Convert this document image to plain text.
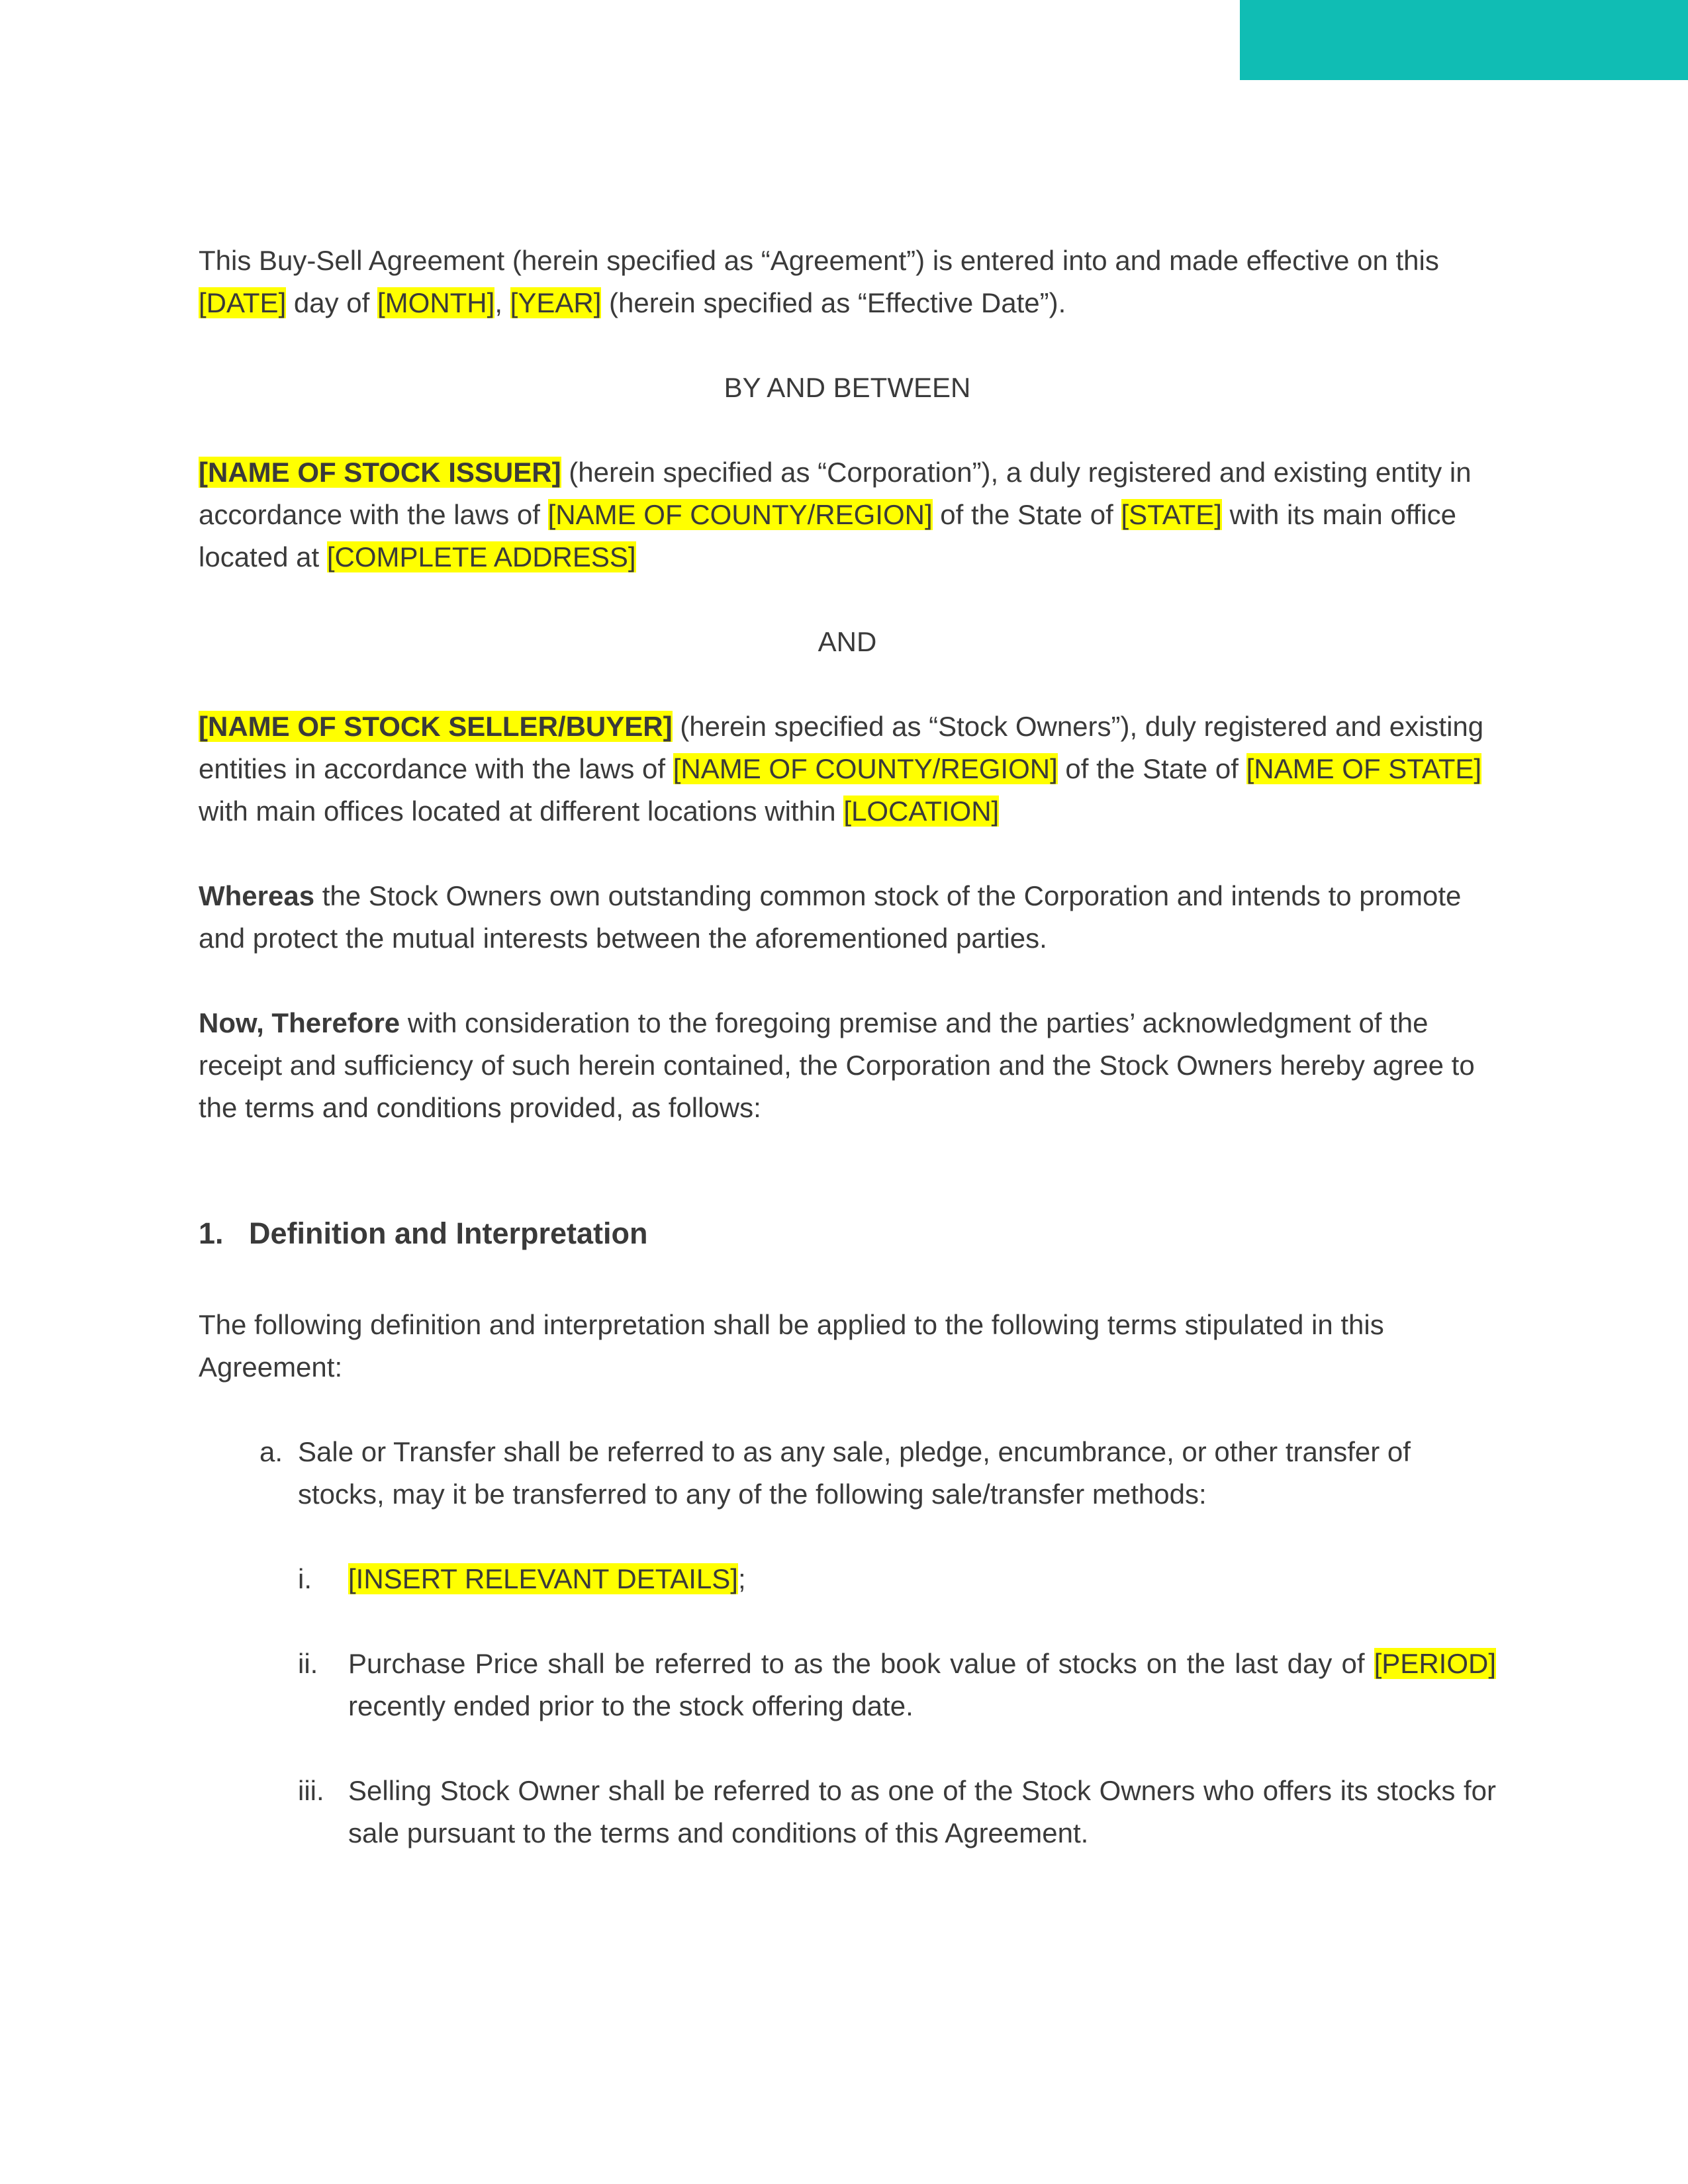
This Buy-Sell Agreement (herein specified as “Agreement”) is entered into and made effective on this
[DATE] day of [MONTH], [YEAR] (herein specified as “Effective Date”).

BY AND BETWEEN

[NAME OF STOCK ISSUER] (herein specified as “Corporation”), a duly registered and existing entity in accordance with the laws of [NAME OF COUNTY/REGION] of the State of [STATE] with its main office located at [COMPLETE ADDRESS]

AND

[NAME OF STOCK SELLER/BUYER] (herein specified as “Stock Owners”), duly registered and existing entities in accordance with the laws of [NAME OF COUNTY/REGION] of the State of [NAME OF STATE] with main offices located at different locations within [LOCATION]

Whereas the Stock Owners own outstanding common stock of the Corporation and intends to promote and protect the mutual interests between the aforementioned parties.

Now, Therefore with consideration to the foregoing premise and the parties’ acknowledgment of the receipt and sufficiency of such herein contained, the Corporation and the Stock Owners hereby agree to the terms and conditions provided, as follows:

1. Definition and Interpretation

The following definition and interpretation shall be applied to the following terms stipulated in this Agreement:

a. Sale or Transfer shall be referred to as any sale, pledge, encumbrance, or other transfer of stocks, may it be transferred to any of the following sale/transfer methods:
i.	[INSERT RELEVANT DETAILS];
ii.	Purchase Price shall be referred to as the book value of stocks on the last day of [PERIOD] recently ended prior to the stock offering date.
iii. Selling Stock Owner shall be referred to as one of the Stock Owners who offers its stocks for sale pursuant to the terms and conditions of this Agreement.
